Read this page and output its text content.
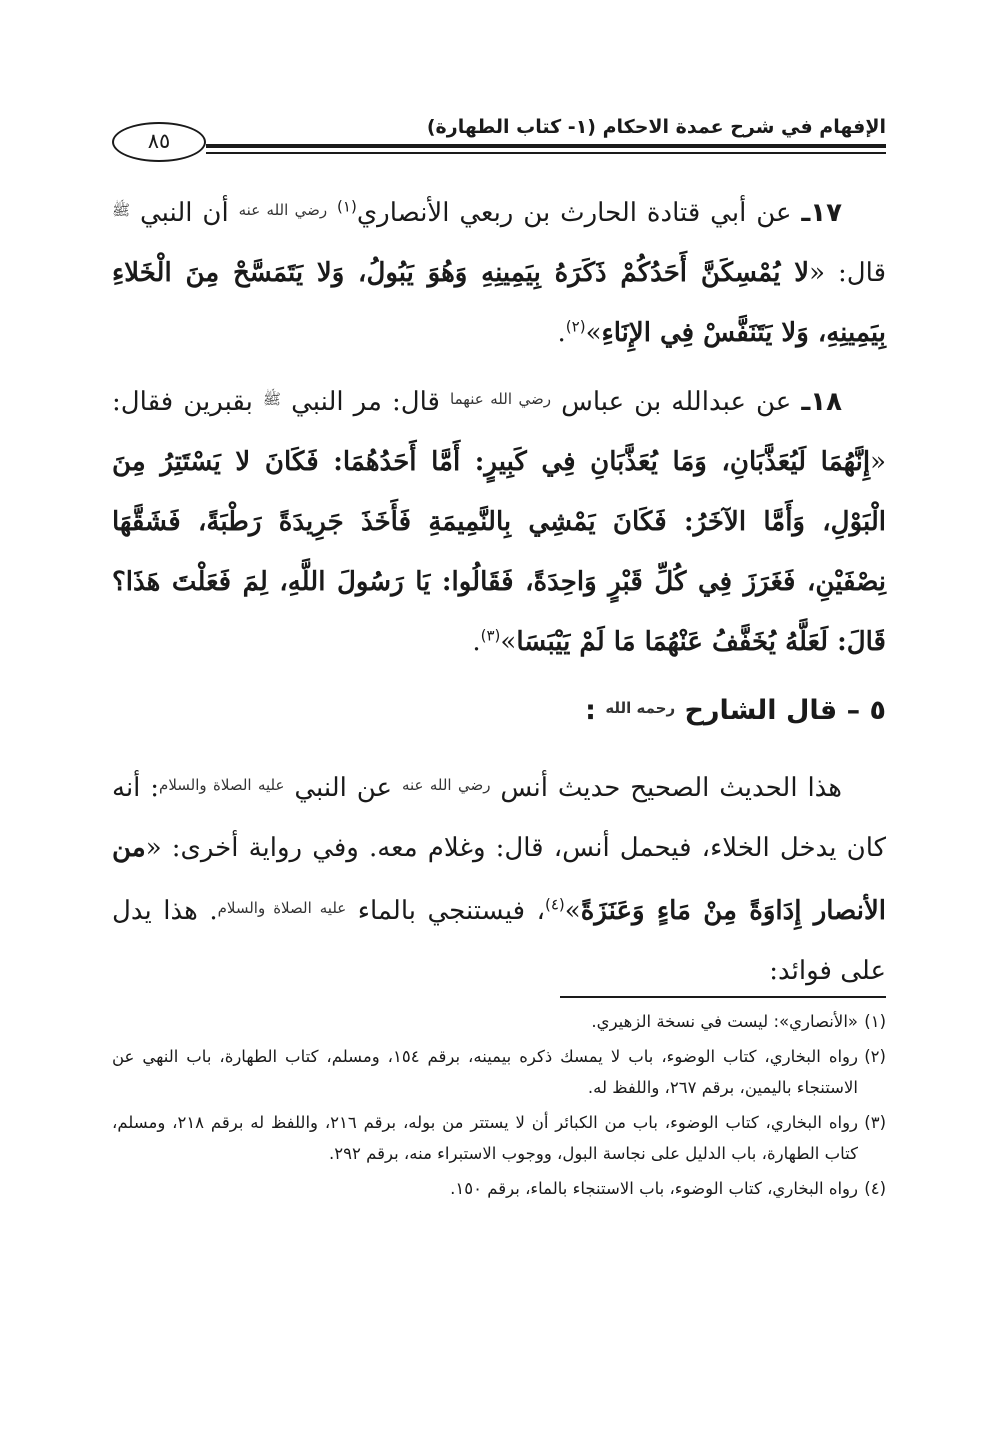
الإفهام في شرح عمدة الاحكام (١- كتاب الطهارة)
٨٥

١٧ـ عن أبي قتادة الحارث بن ربعي الأنصاري$^{(١)}$ $^{رضي الله عنه}$ أن النبي $^ﷺ$ قال: «لا يُمْسِكَنَّ أَحَدُكُمْ ذَكَرَهُ بِيَمِينِهِ وَهُوَ يَبُولُ، وَلا يَتَمَسَّحْ مِنَ الْخَلاءِ بِيَمِينِهِ، وَلا يَتَنَفَّسْ فِي الإِنَاءِ»$^{(٢)}$.

١٨ـ عن عبدالله بن عباس $^{رضي الله عنهما}$ قال: مر النبي $^ﷺ$ بقبرين فقال: «إِنَّهُمَا لَيُعَذَّبَانِ، وَمَا يُعَذَّبَانِ فِي كَبِيرٍ: أَمَّا أَحَدُهُمَا: فَكَانَ لا يَسْتَتِرُ مِنَ الْبَوْلِ، وَأَمَّا الآخَرُ: فَكَانَ يَمْشِي بِالنَّمِيمَةِ فَأَخَذَ جَرِيدَةً رَطْبَةً، فَشَقَّهَا نِصْفَيْنِ، فَغَرَزَ فِي كُلِّ قَبْرٍ وَاحِدَةً، فَقَالُوا: يَا رَسُولَ اللَّهِ، لِمَ فَعَلْتَ هَذَا؟ قَالَ: لَعَلَّهُ يُخَفَّفُ عَنْهُمَا مَا لَمْ يَيْبَسَا»$^{(٣)}$.

٥ – قال الشارح $^{رحمه الله}$ :

هذا الحديث الصحيح حديث أنس $^{رضي الله عنه}$ عن النبي $^{عليه الصلاة والسلام}$: أنه كان يدخل الخلاء، فيحمل أنس، قال: وغلام معه. وفي رواية أخرى: «من الأنصار إِدَاوَةً مِنْ مَاءٍ وَعَنَزَةً»$^{(٤)}$، فيستنجي بالماء $^{عليه الصلاة والسلام}$. هذا يدل على فوائد:

(١)«الأنصاري»: ليست في نسخة الزهيري.

(٢)رواه البخاري، كتاب الوضوء، باب لا يمسك ذكره بيمينه، برقم ١٥٤، ومسلم، كتاب الطهارة، باب النهي عن الاستنجاء باليمين، برقم ٢٦٧، واللفظ له.

(٣)رواه البخاري، كتاب الوضوء، باب من الكبائر أن لا يستتر من بوله، برقم ٢١٦، واللفظ له برقم ٢١٨، ومسلم، كتاب الطهارة، باب الدليل على نجاسة البول، ووجوب الاستبراء منه، برقم ٢٩٢.

(٤)رواه البخاري، كتاب الوضوء، باب الاستنجاء بالماء، برقم ١٥٠.
